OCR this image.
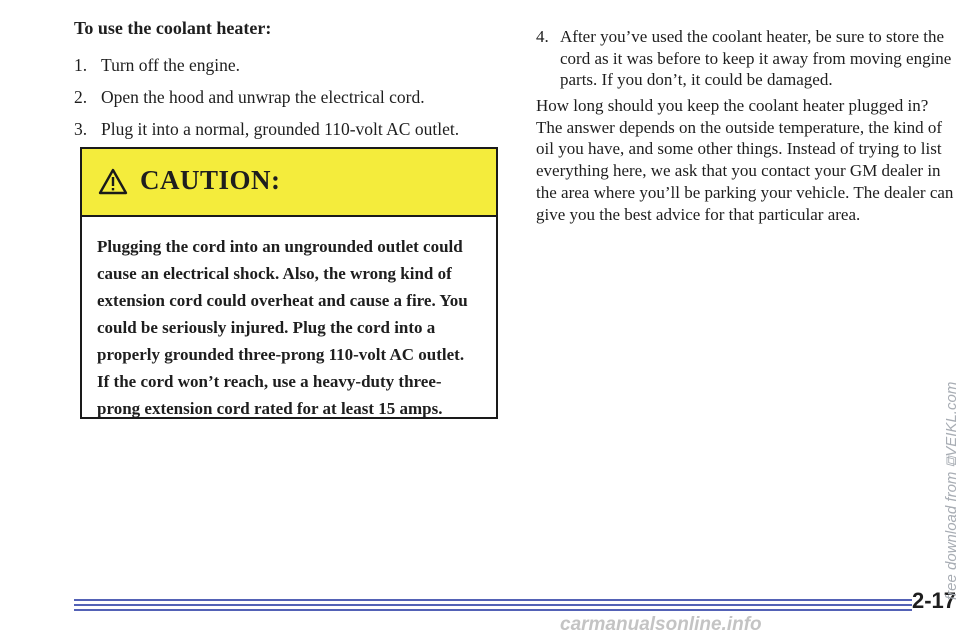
To use the coolant heater:
1. Turn off the engine.
2. Open the hood and unwrap the electrical cord.
3. Plug it into a normal, grounded 110-volt AC outlet.
CAUTION:
Plugging the cord into an ungrounded outlet could cause an electrical shock. Also, the wrong kind of extension cord could overheat and cause a fire. You could be seriously injured. Plug the cord into a properly grounded three-prong 110-volt AC outlet. If the cord won’t reach, use a heavy-duty three-prong extension cord rated for at least 15 amps.
4. After you’ve used the coolant heater, be sure to store the cord as it was before to keep it away from moving engine parts. If you don’t, it could be damaged.

How long should you keep the coolant heater plugged in? The answer depends on the outside temperature, the kind of oil you have, and some other things. Instead of trying to list everything here, we ask that you contact your GM dealer in the area where you’ll be parking your vehicle. The dealer can give you the best advice for that particular area.

2-17
free download from ⧉VEIKL.com
carmanualsonline.info
